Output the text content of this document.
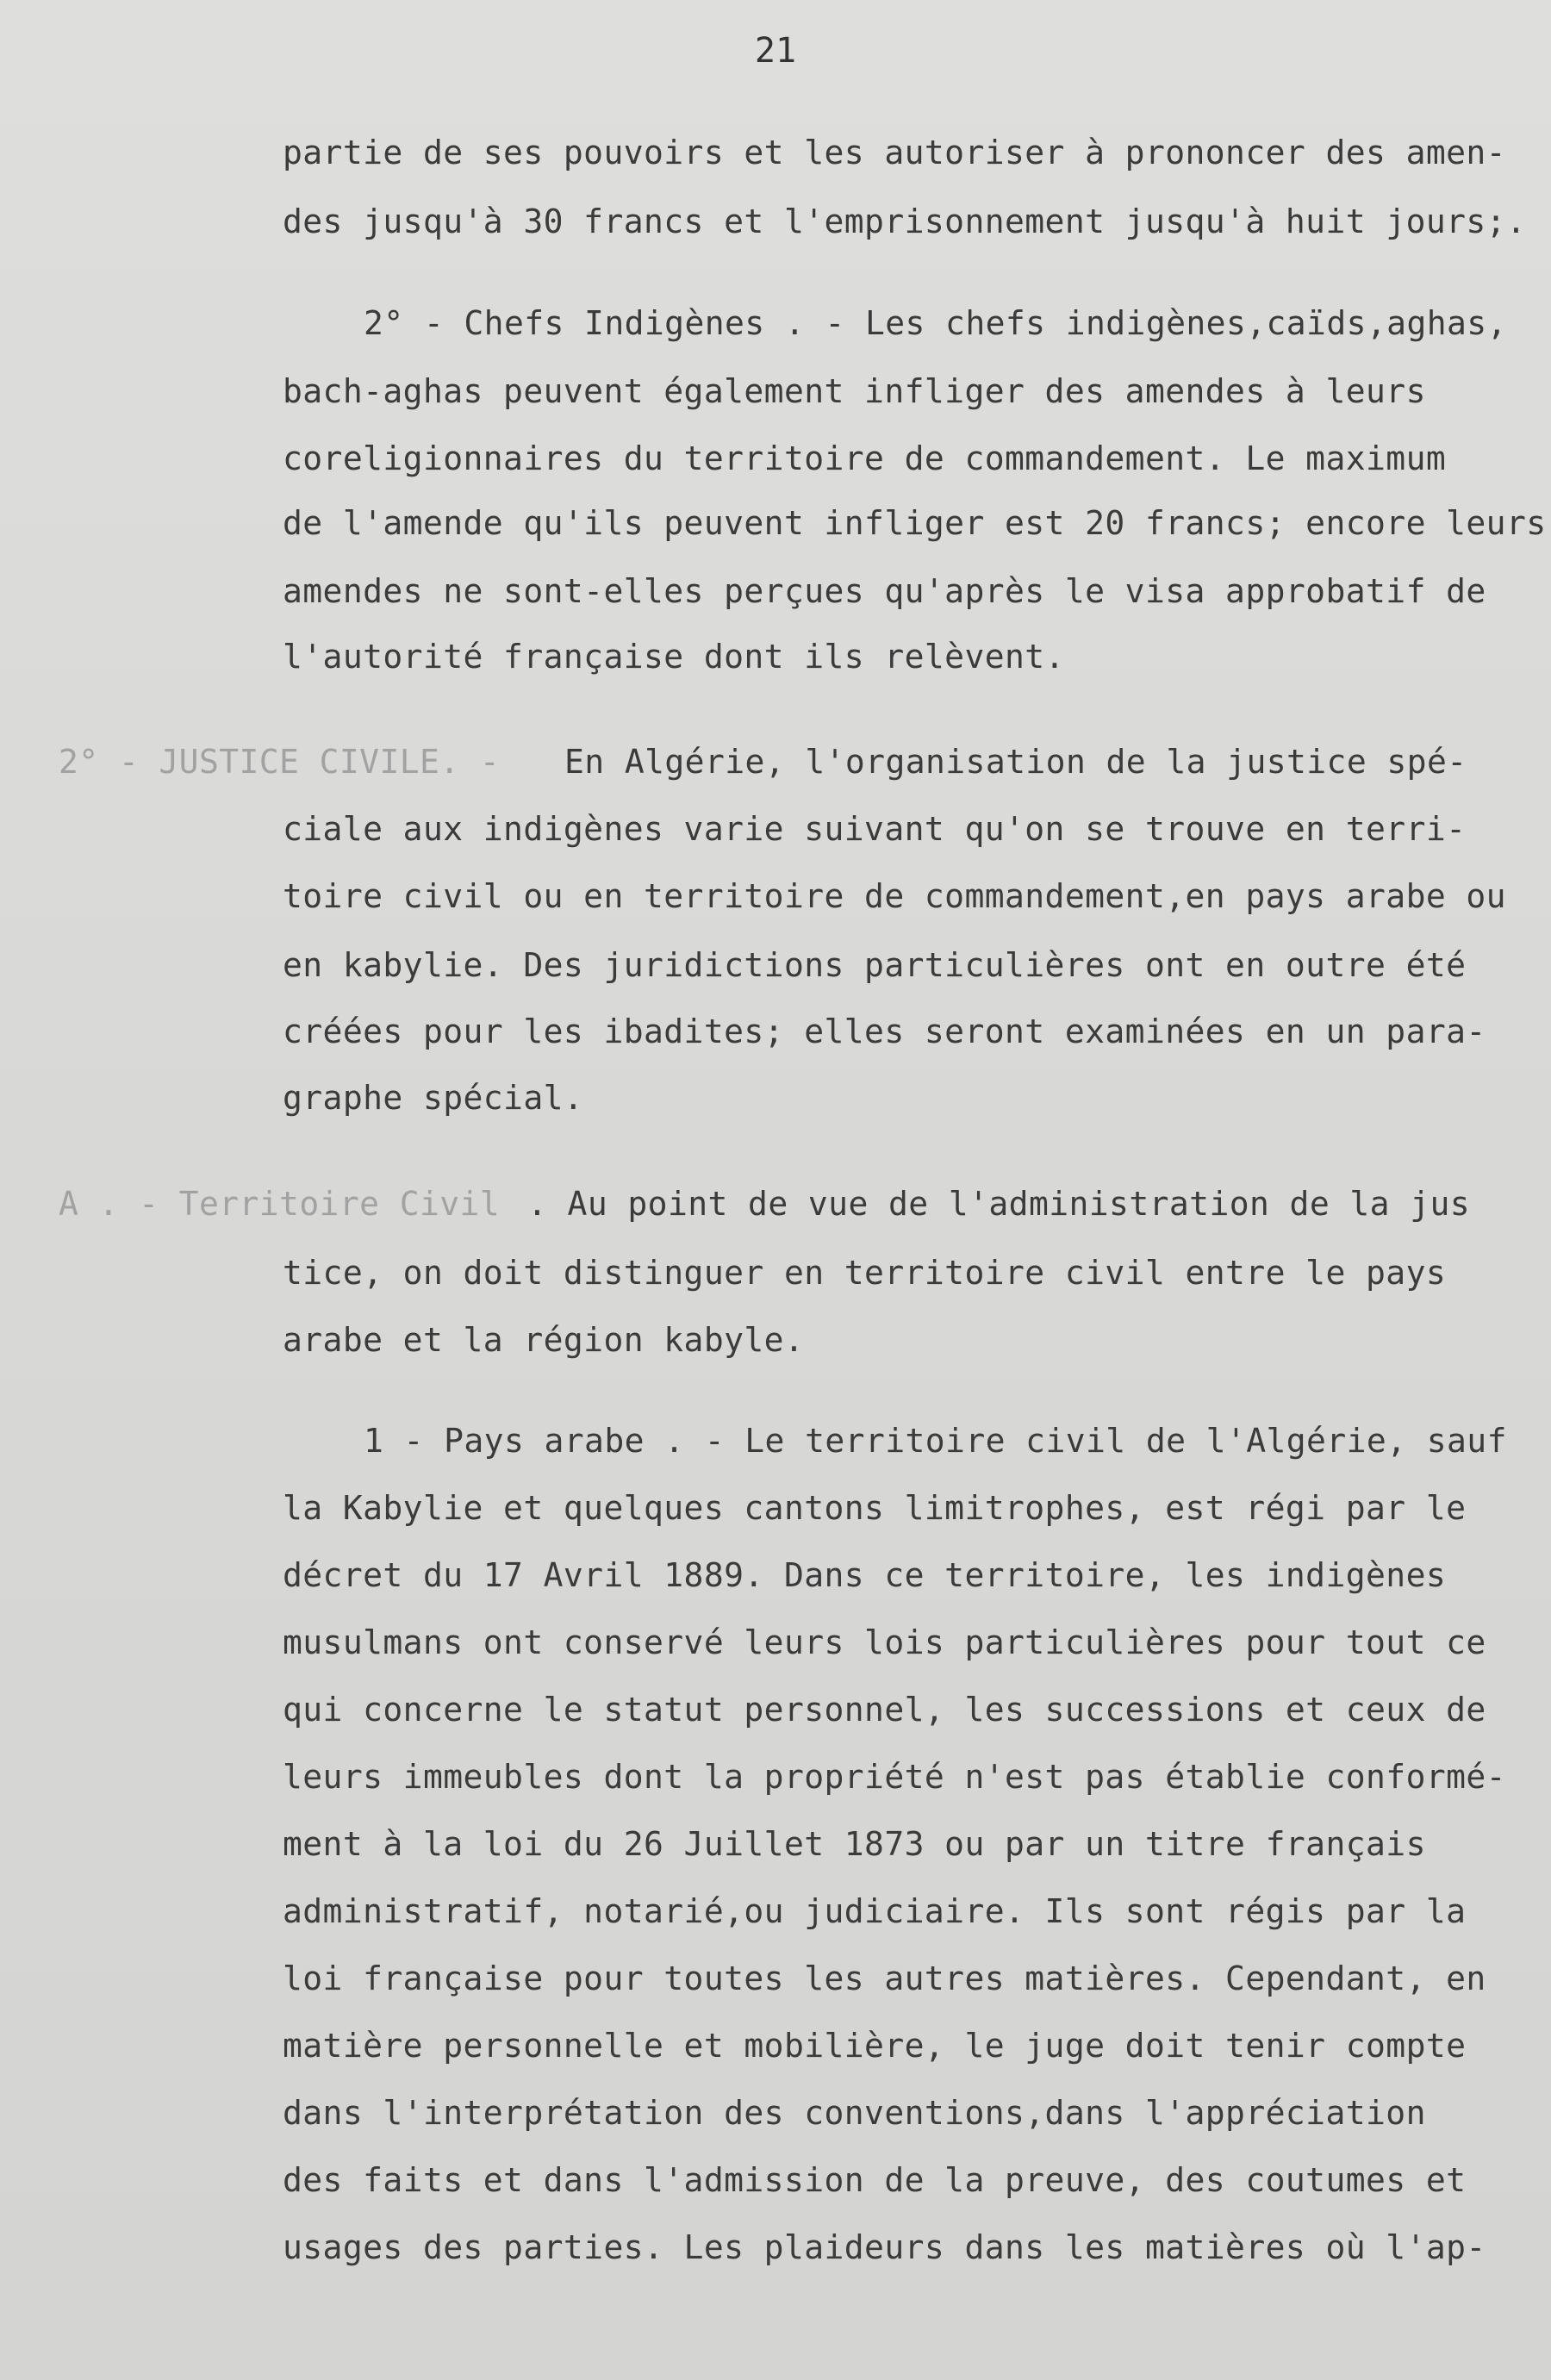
21
partie de ses pouvoirs et les autoriser à prononcer des amen-
des jusqu'à 30 francs et l'emprisonnement jusqu'à huit jours;.
2° - Chefs Indigènes . - Les chefs indigènes,caïds,aghas,
bach-aghas peuvent également infliger des amendes à leurs
coreligionnaires du territoire de commandement. Le maximum
de l'amende qu'ils peuvent infliger est 20 francs; encore leurs
amendes ne sont-elles perçues qu'après le visa approbatif de
l'autorité française dont ils relèvent.
2° - JUSTICE CIVILE. - En Algérie, l'organisation de la justice spé-
ciale aux indigènes varie suivant qu'on se trouve en terri-
toire civil ou en territoire de commandement,en pays arabe ou
en kabylie. Des juridictions particulières ont en outre été
créées pour les ibadites; elles seront examinées en un para-
graphe spécial.
A . - Territoire Civil . Au point de vue de l'administration de la jus
tice, on doit distinguer en territoire civil entre le pays
arabe et la région kabyle.
1 - Pays arabe . - Le territoire civil de l'Algérie, sauf
la Kabylie et quelques cantons limitrophes, est régi par le
décret du 17 Avril 1889. Dans ce territoire, les indigènes
musulmans ont conservé leurs lois particulières pour tout ce
qui concerne le statut personnel, les successions et ceux de
leurs immeubles dont la propriété n'est pas établie conformé-
ment à la loi du 26 Juillet 1873 ou par un titre français
administratif, notarié,ou judiciaire. Ils sont régis par la
loi française pour toutes les autres matières. Cependant, en
matière personnelle et mobilière, le juge doit tenir compte
dans l'interprétation des conventions,dans l'appréciation
des faits et dans l'admission de la preuve, des coutumes et
usages des parties. Les plaideurs dans les matières où l'ap-
